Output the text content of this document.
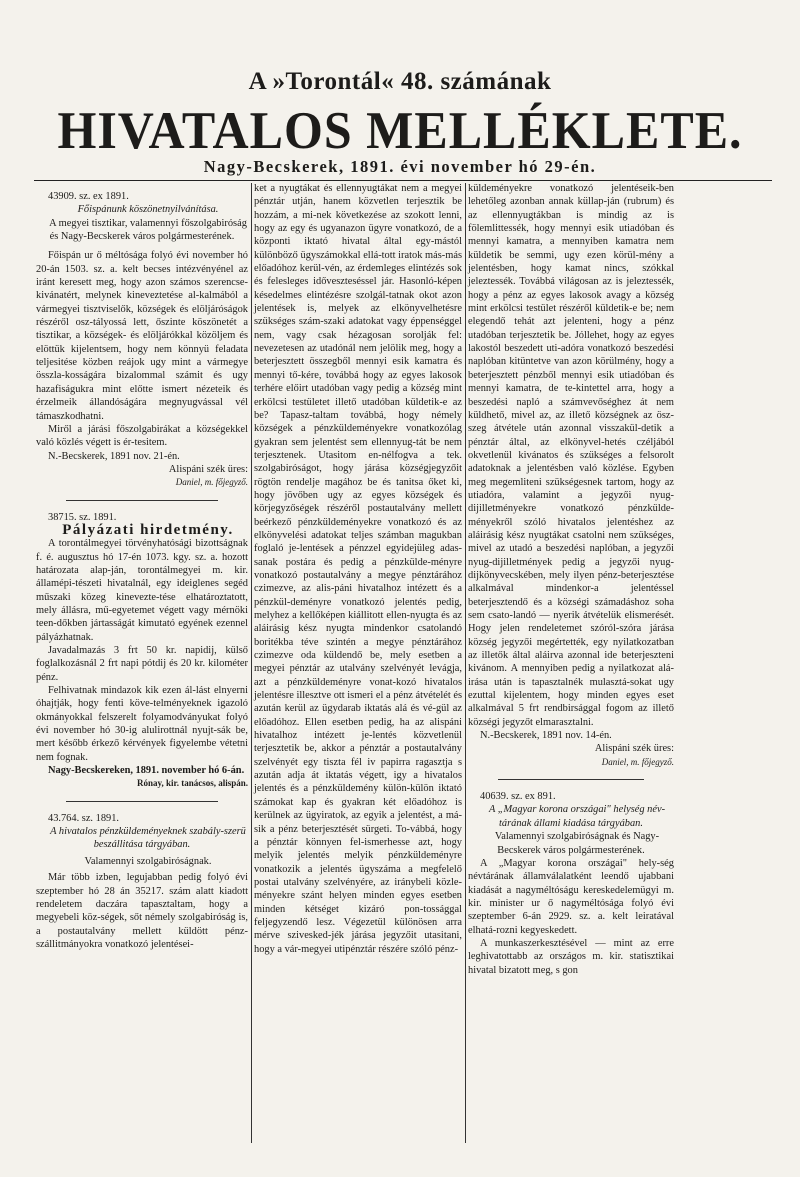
A »Torontál« 48. számának
HIVATALOS MELLÉKLETE.
Nagy-Becskerek, 1891. évi november hó 29-én.

43909. sz. ex 1891.

Főispánunk köszönetnyilvánítása.

A megyei tisztikar, valamennyi főszolgabiróság és Nagy-Becskerek város polgármesterének.

Főispán ur ő méltósága folyó évi november hó 20-án 1503. sz. a. kelt becses intézvényénel az iránt keresett meg, hogy azon számos szerencse-kivánatért, melynek kineveztetése al-kalmából a vármegyei tisztviselők, községek és elöljáróságok részéről osz-tályossá lett, őszinte köszönetét a tisztikar, a községek- és elöljárókkal közöljem és elöttük kijelentsem, hogy nem könnyü feladata teljesitése közben reájok ugy mint a vármegye összla-kosságára bizalommal számit és ugy hazafiságukra mint előtte ismert nézeteik és érzelmeik állandóságára megnyugvással vél támaszkodhatni.

Miről a járási főszolgabirákat a községekkel való közlés végett is ér-tesitem.

N.-Becskerek, 1891 nov. 21-én.

Alispáni szék üres:

Daniel, m. főjegyző.

38715. sz. 1891.

Pályázati hirdetmény.

A torontálmegyei törvényhatósági bizottságnak f. é. augusztus hó 17-én 1073. kgy. sz. a. hozott határozata alap-ján, torontálmegyei m. kir. államépi-tészeti hivatalnál, egy ideiglenes segéd műszaki közeg kinevezte-tése elhatároztatott, mely állásra, mű-egyetemet végett vagy mérnöki teen-dőkben jártasságát kimutató egyének ezennel pályázhatnak.

Javadalmazás 3 frt 50 kr. napidij, külső foglalkozásnál 2 frt napi pótdij és 20 kr. kilométer pénz.

Felhivatnak mindazok kik ezen ál-lást elnyerni óhajtják, hogy fenti köve-telményeknek igazoló okmányokkal felszerelt folyamodványukat folyó évi november hó 30-ig alulirottnál nyujt-sák be, mert később érkező kérvények figyelembe vétetni nem fognak.

Nagy-Becskereken, 1891. november hó 6-án.

Rónay, kir. tanácsos, alispán.

43.764. sz. 1891.

A hivatalos pénzküldeményeknek szabály-szerü beszállitása tárgyában.

Valamennyi szolgabiróságnak.

Már több izben, legujabban pedig folyó évi szeptember hó 28 án 35217. szám alatt kiadott rendeletem daczára tapasztaltam, hogy a megyebeli köz-ségek, sőt némely szolgabiróság is, a postautalvány mellett küldött pénz-szállitmányokra vonatkozó jelentései-

ket a nyugtákat és ellennyugtákat nem a megyei pénztár utján, hanem közvetlen terjesztik be hozzám, a mi-nek következése az szokott lenni, hogy az egy és ugyanazon ügyre vonatkozó, de a központi iktató hivatal által egy-mástól különböző ügyszámokkal ellá-tott iratok más-más előadóhoz kerül-vén, az érdemleges elintézés sok és felesleges időveszteséssel jár. Hasonló-képen késedelmes elintézésre szolgál-tatnak okot azon jelentések is, melyek az elkönyvelhetésre szükséges szám-szaki adatokat vagy éppenséggel nem, vagy csak hézagosan sorolják fel: nevezetesen az utadónál nem jelölik meg, hogy a beterjesztett összegből mennyi esik kamatra és mennyi tő-kére, továbbá hogy az egyes lakosok terhére előirt utadóban vagy pedig a község mint erkölcsi testületet illető utadóban küldetik-e az be? Tapasz-taltam továbbá, hogy némely községek a pénzküldeményekre vonatkozólag gyakran sem jelentést sem ellennyug-tát be nem terjesztenek. Utasitom en-nélfogva a tek. szolgabiróságot, hogy járása községjegyzőit rögtön rendelje magához be és tanitsa őket ki, hogy jövőben ugy az egyes községek és körjegyzőségek részéről postautalvány mellett beérkező pénzküldeményekre vonatkozó és az elkönyvelési adatokat teljes számban magukban foglaló je-lentések a pénzzel egyidejüleg adas-sanak postára és pedig a pénzkülde-ményre vonatkozó postautalvány a megye pénztárához czimezve, az alis-páni hivatalhoz intézett és a pénzkül-deményre vonatkozó jelentés pedig, melyhez a kellőképen kiállitott ellen-nyugta és az aláirásig kész nyugta mindenkor csatolandó boritékba téve szintén a megye pénztárához czimezve oda küldendő be, mely esetben a megyei pénztár az utalvány szelvényét levágja, azt a pénzküldeményre vonat-kozó hivatalos jelentésre illesztve ott ismeri el a pénz átvételét és azután kerül az ügydarab iktatás alá és vé-gül az előadóhoz. Ellen esetben pedig, ha az alispáni hivatalhoz intézett je-lentés közvetlenül terjesztetik be, akkor a pénztár a postautalvány szelvényét egy tiszta fél iv papirra ragasztja s azután adja át iktatás végett, igy a hivatalos jelentés és a pénzküldemény külön-külön iktató számokat kap és gyakran két előadóhoz is kerülnek az ügyiratok, az egyik a jelentést, a má-sik a pénz beterjesztését sürgeti. To-vábbá, hogy a pénztár könnyen fel-ismerhesse azt, hogy melyik jelentés melyik pénzküldeményre vonatkozik a jelentés ügyszáma a megfelelő postai utalvány szelvényére, az iránybeli közle-ményekre szánt helyen minden egyes esetben minden kétséget kizáró pon-tossággal feljegyzendő lesz. Végezetül különösen arra mérve szivesked-jék járása jegyzőit utasitani, hogy a vár-megyei utipénztár részére szóló pénz-

küldeményekre vonatkozó jelentéseik-ben lehetőleg azonban annak küllap-ján (rubrum) és az ellennyugtákban is mindig az is fölemlittessék, hogy mennyi esik utiadóban és mennyi kamatra, a mennyiben kamatra nem küldetik be semmi, ugy ezen körül-mény a jelentésben, hogy kamat nincs, szókkal jeleztessék. Továbbá világosan az is jeleztessék, hogy a pénz az egyes lakosok avagy a község mint erkölcsi testület részéről küldetik-e be; nem elegendő tehát azt jelenteni, hogy a pénz utadóban terjesztetik be. Jóllehet, hogy az egyes lakostól beszedett uti-adóra vonatkozó beszedési naplóban kitüntetve van azon körülmény, hogy a beterjesztett pénzből mennyi esik utiadóban és mennyi kamatra, de te-kintettel arra, hogy a beszedési napló a számvevőséghez át nem küldhető, mivel az, az illető községnek az ösz-szeg átvétele után azonnal visszakül-detik a pénztár által, az elkönyvel-hetés czéljából okvetlenül kivánatos és szükséges a felsorolt adatoknak a jelentésben való közlése. Egyben meg megemliteni szükségesnek tartom, hogy az utiadóra, valamint a jegyzői nyug-dijilletményekre vonatkozó pénzkülde-ményekről szóló hivatalos jelentéshez az aláirásig kész nyugtákat csatolni nem szükséges, mivel az utadó a beszedési naplóban, a jegyzői nyug-dijilletmények pedig a jegyzői nyug-dijkönyvecskében, mely ilyen pénz-beterjesztése alkalmával mindenkor-a jelentéssel beterjesztendő és a községi számadáshoz soha sem csato-landó — nyerik átvételük elismerését. Hogy jelen rendeletemet szóról-szóra járása község jegyzői megértették, egy nyilatkozatban az illetők által aláirva azonnal ide beterjeszteni kivánom. A mennyiben pedig a nyilatkozat alá-irása után is tapasztalnék mulasztá-sokat ugy ezuttal kijelentem, hogy minden egyes eset alkalmával 5 frt rendbirsággal fogom az illető községi jegyzőt elmarasztalni.

N.-Becskerek, 1891 nov. 14-én.

Alispáni szék üres:

Daniel, m. főjegyző.

40639. sz. ex 891.

A „Magyar korona országai" helység név-tárának állami kiadása tárgyában.

Valamennyi szolgabiróságnak és Nagy-Becskerek város polgármesterének.

A „Magyar korona országai" hely-ség névtárának államválalatként leendő ujabbani kiadását a nagyméltóságu kereskedelemügyi m. kir. minister ur ő nagyméltósága folyó évi szeptember 6-án 2929. sz. a. kelt leiratával elhatá-rozni kegyeskedett.

A munkaszerkesztésével — mint az erre leghivatottabb az országos m. kir. statisztikai hivatal bizatott meg, s gon
